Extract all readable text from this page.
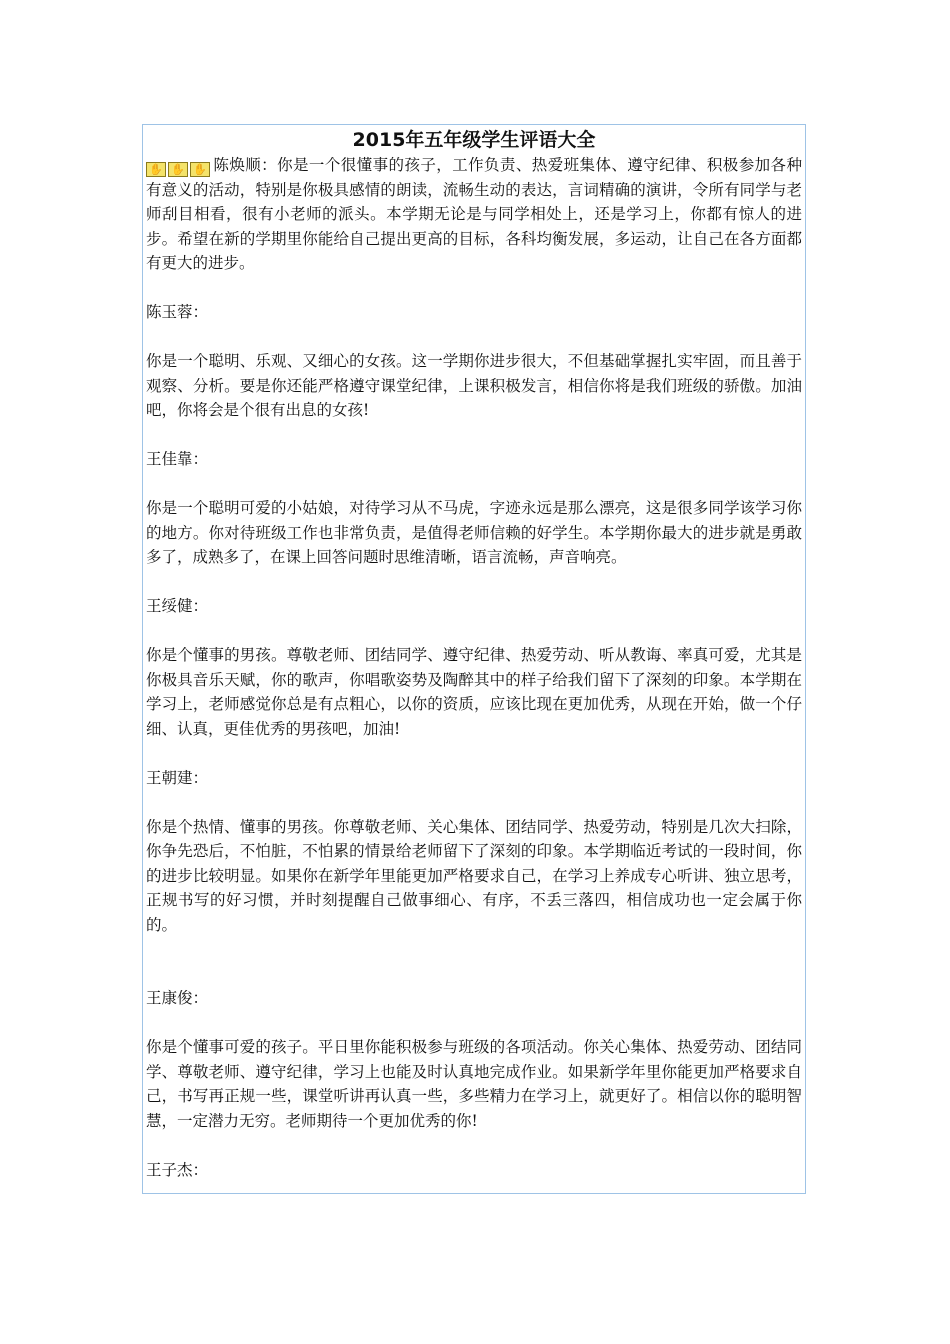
2015年五年级学生评语大全

✋ ✋ ✋ 陈焕顺：你是一个很懂事的孩子，工作负责、热爱班集体、遵守纪律、积极参加各种有意义的活动，特别是你极具感情的朗读，流畅生动的表达，言词精确的演讲，令所有同学与老师刮目相看，很有小老师的派头。本学期无论是与同学相处上，还是学习上，你都有惊人的进步。希望在新的学期里你能给自己提出更高的目标，各科均衡发展，多运动，让自己在各方面都有更大的进步。

陈玉蓉：

你是一个聪明、乐观、又细心的女孩。这一学期你进步很大，不但基础掌握扎实牢固，而且善于观察、分析。要是你还能严格遵守课堂纪律，上课积极发言，相信你将是我们班级的骄傲。加油吧，你将会是个很有出息的女孩!

王佳靠：

你是一个聪明可爱的小姑娘，对待学习从不马虎，字迹永远是那么漂亮，这是很多同学该学习你的地方。你对待班级工作也非常负责，是值得老师信赖的好学生。本学期你最大的进步就是勇敢多了，成熟多了，在课上回答问题时思维清晰，语言流畅，声音响亮。

王绥健：

你是个懂事的男孩。尊敬老师、团结同学、遵守纪律、热爱劳动、听从教诲、率真可爱，尤其是你极具音乐天赋，你的歌声，你唱歌姿势及陶醉其中的样子给我们留下了深刻的印象。本学期在学习上，老师感觉你总是有点粗心，以你的资质，应该比现在更加优秀，从现在开始，做一个仔细、认真，更佳优秀的男孩吧，加油!

王朝建：

你是个热情、懂事的男孩。你尊敬老师、关心集体、团结同学、热爱劳动，特别是几次大扫除，你争先恐后，不怕脏，不怕累的情景给老师留下了深刻的印象。本学期临近考试的一段时间，你的进步比较明显。如果你在新学年里能更加严格要求自己，在学习上养成专心听讲、独立思考，正规书写的好习惯，并时刻提醒自己做事细心、有序，不丢三落四，相信成功也一定会属于你的。

王康俊：

你是个懂事可爱的孩子。平日里你能积极参与班级的各项活动。你关心集体、热爱劳动、团结同学、尊敬老师、遵守纪律，学习上也能及时认真地完成作业。如果新学年里你能更加严格要求自己，书写再正规一些，课堂听讲再认真一些，多些精力在学习上，就更好了。相信以你的聪明智慧，一定潜力无穷。老师期待一个更加优秀的你!

王子杰：
